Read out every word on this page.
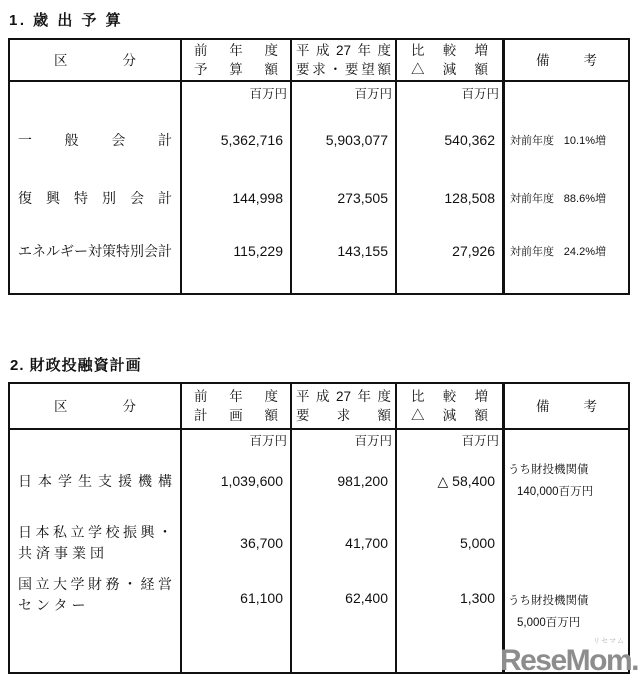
1. 歳 出 予 算
区分
前年度
予算額
平成27年度
要求・要望額
比較増
△減額
備考
一般会計
復興特別会計
エネルギー対策特別会計
百万円
5,362,716
144,998
115,229
百万円
5,903,077
273,505
143,155
百万円
540,362
128,508
27,926
対前年度 10.1%増
対前年度 88.6%増
対前年度 24.2%増
2. 財政投融資計画
区分
前年度
計画額
平成27年度
要求額
比較増
△減額
備考
日本学生支援機構
日本私立学校振興・
共済事業団
国立大学財務・経営
センター
百万円
1,039,600
36,700
61,100
百万円
981,200
41,700
62,400
百万円
△ 58,400
5,000
1,300
うち財投機関債
140,000百万円
うち財投機関債
5,000百万円
リセマム
ReseMom.
